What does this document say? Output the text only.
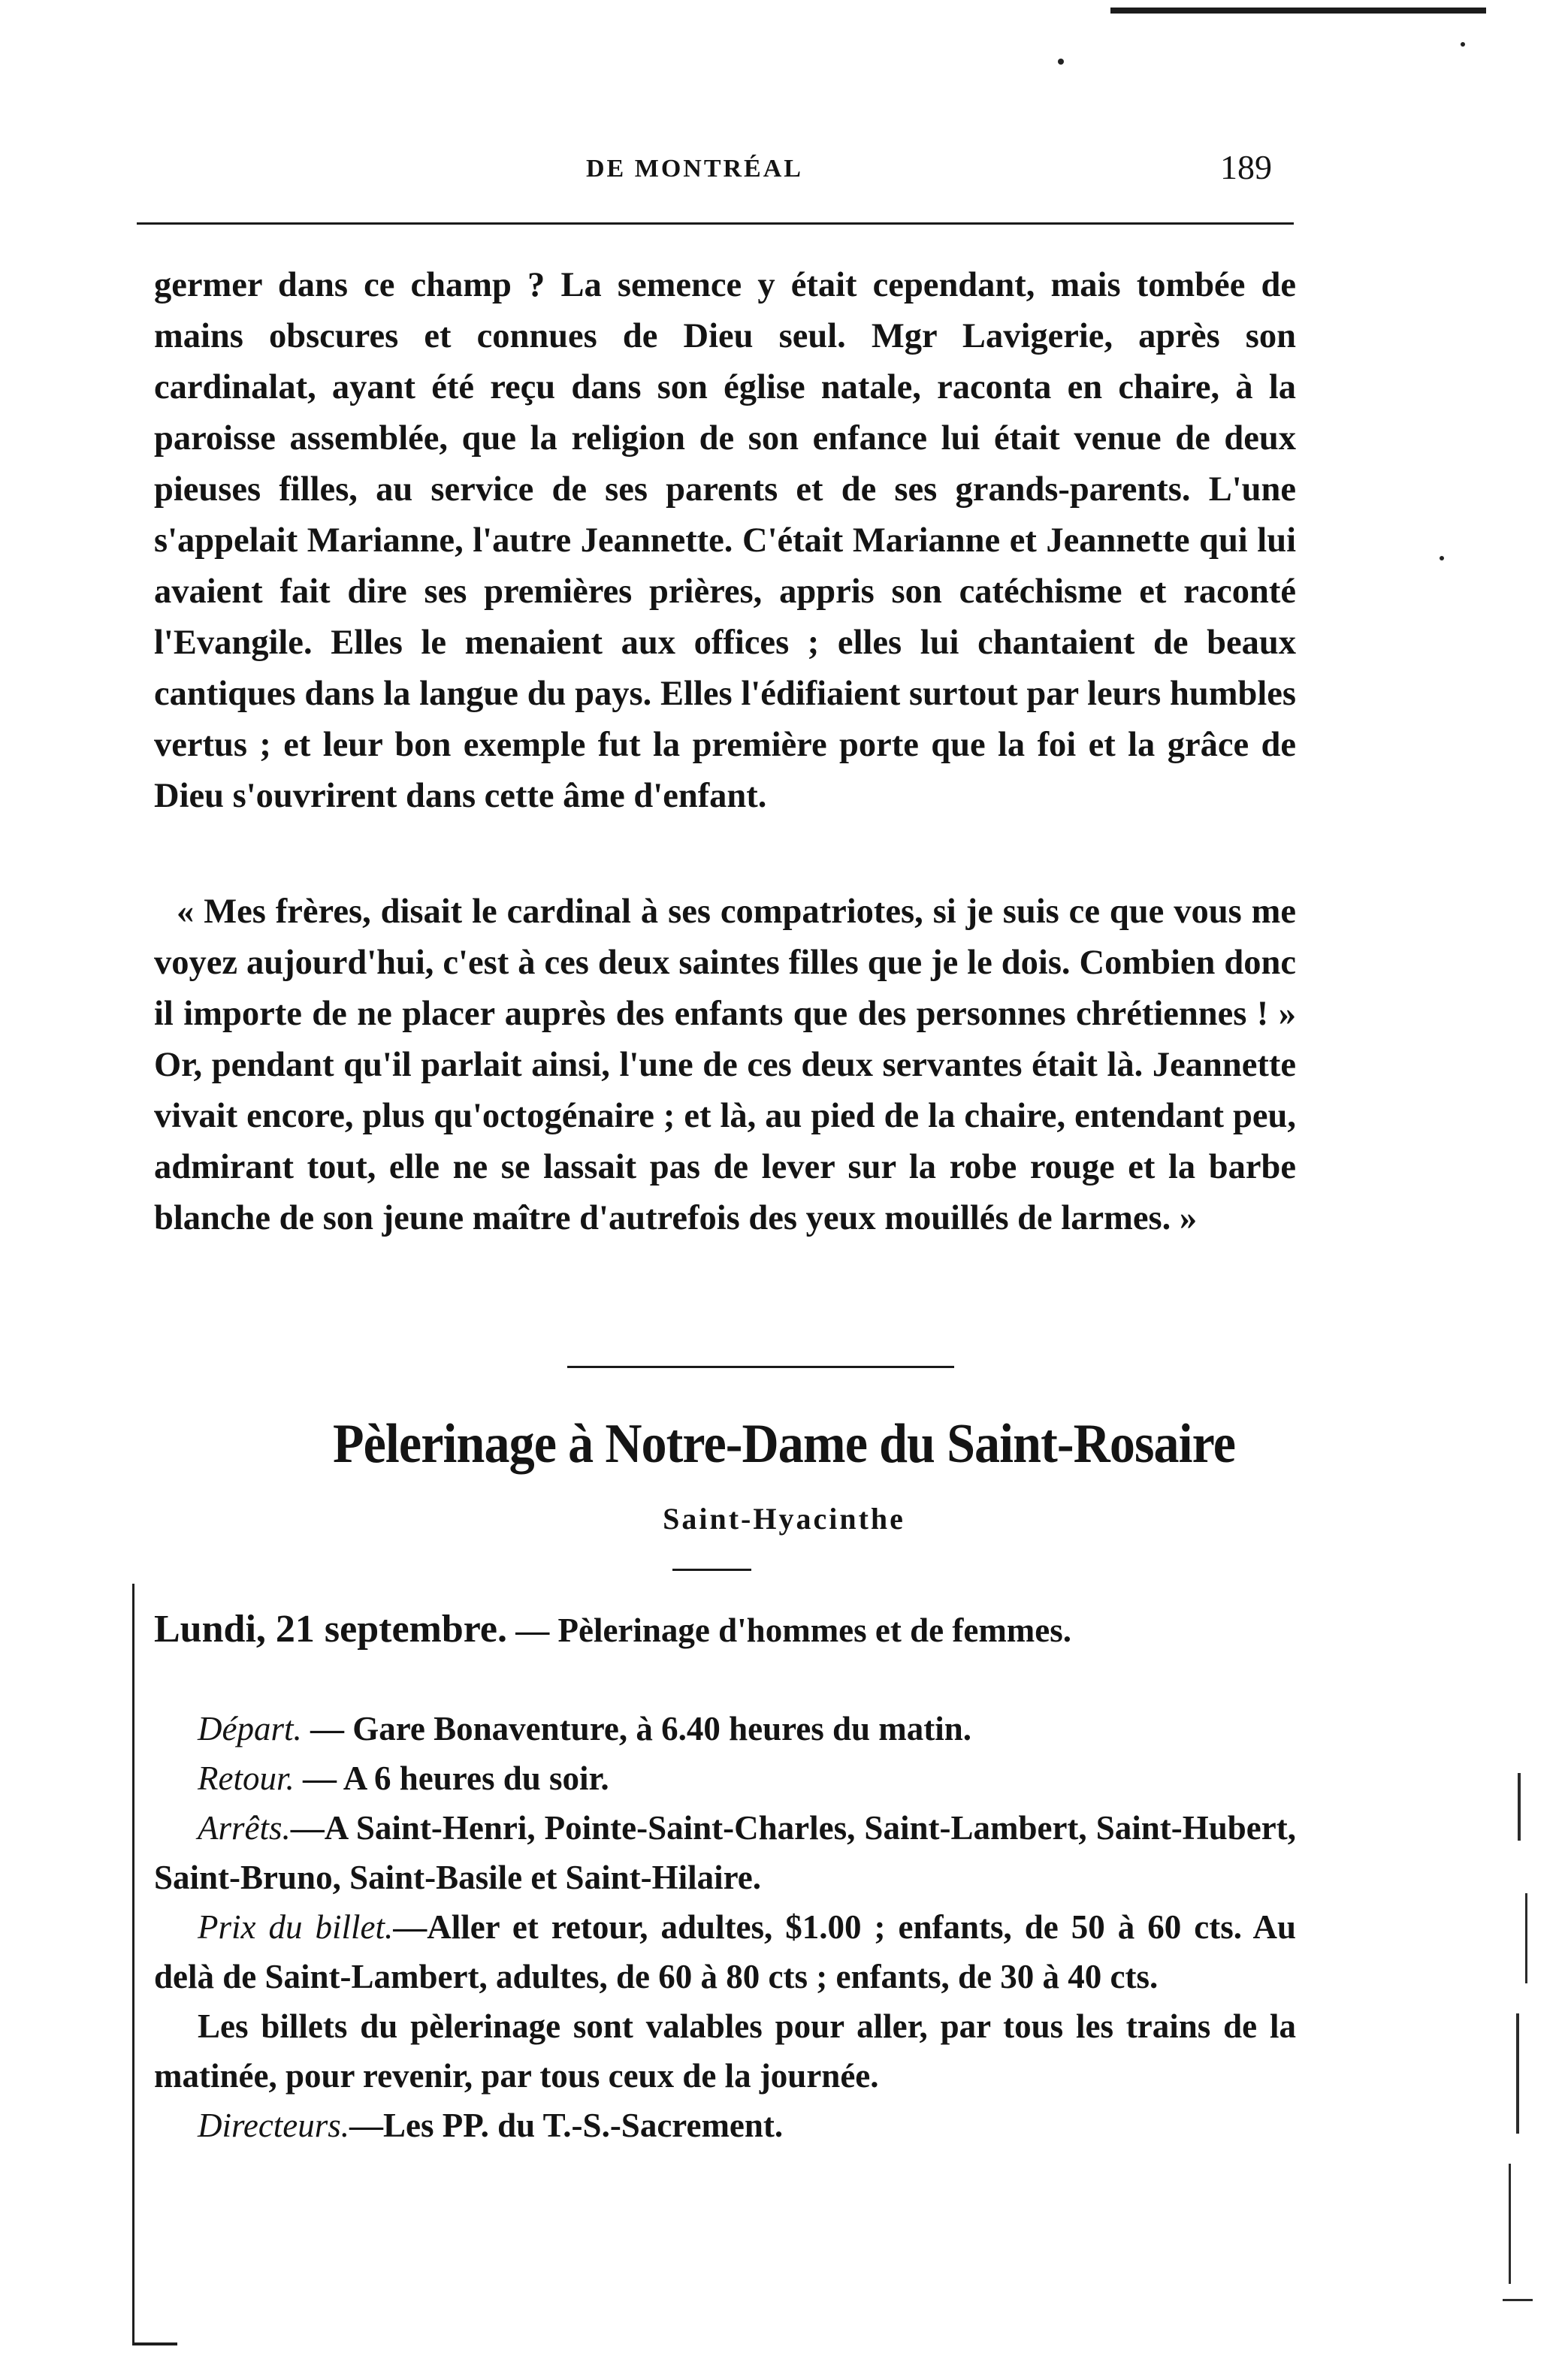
DE MONTRÉAL	189

germer dans ce champ ? La semence y était cependant, mais tombée de mains obscures et connues de Dieu seul. Mgr Lavigerie, après son cardinalat, ayant été reçu dans son église natale, raconta en chaire, à la paroisse assemblée, que la religion de son enfance lui était venue de deux pieuses filles, au service de ses parents et de ses grands-parents. L'une s'appelait Marianne, l'autre Jeannette. C'était Marianne et Jeannette qui lui avaient fait dire ses premières prières, appris son catéchisme et raconté l'Evangile. Elles le menaient aux offices ; elles lui chantaient de beaux cantiques dans la langue du pays. Elles l'édifiaient surtout par leurs humbles vertus ; et leur bon exemple fut la première porte que la foi et la grâce de Dieu s'ouvrirent dans cette âme d'enfant.

« Mes frères, disait le cardinal à ses compatriotes, si je suis ce que vous me voyez aujourd'hui, c'est à ces deux saintes filles que je le dois. Combien donc il importe de ne placer auprès des enfants que des personnes chrétiennes ! » Or, pendant qu'il parlait ainsi, l'une de ces deux servantes était là. Jeannette vivait encore, plus qu'octogénaire ; et là, au pied de la chaire, entendant peu, admirant tout, elle ne se lassait pas de lever sur la robe rouge et la barbe blanche de son jeune maître d'autrefois des yeux mouillés de larmes. »

Pèlerinage à Notre-Dame du Saint-Rosaire
Saint-Hyacinthe

Lundi, 21 septembre. — Pèlerinage d'hommes et de femmes.

Départ. — Gare Bonaventure, à 6.40 heures du matin.

Retour. — A 6 heures du soir.

Arrêts.—A Saint-Henri, Pointe-Saint-Charles, Saint-Lambert, Saint-Hubert, Saint-Bruno, Saint-Basile et Saint-Hilaire.

Prix du billet.—Aller et retour, adultes, $1.00 ; enfants, de 50 à 60 cts. Au delà de Saint-Lambert, adultes, de 60 à 80 cts ; enfants, de 30 à 40 cts.

Les billets du pèlerinage sont valables pour aller, par tous les trains de la matinée, pour revenir, par tous ceux de la journée.

Directeurs.—Les PP. du T.-S.-Sacrement.
